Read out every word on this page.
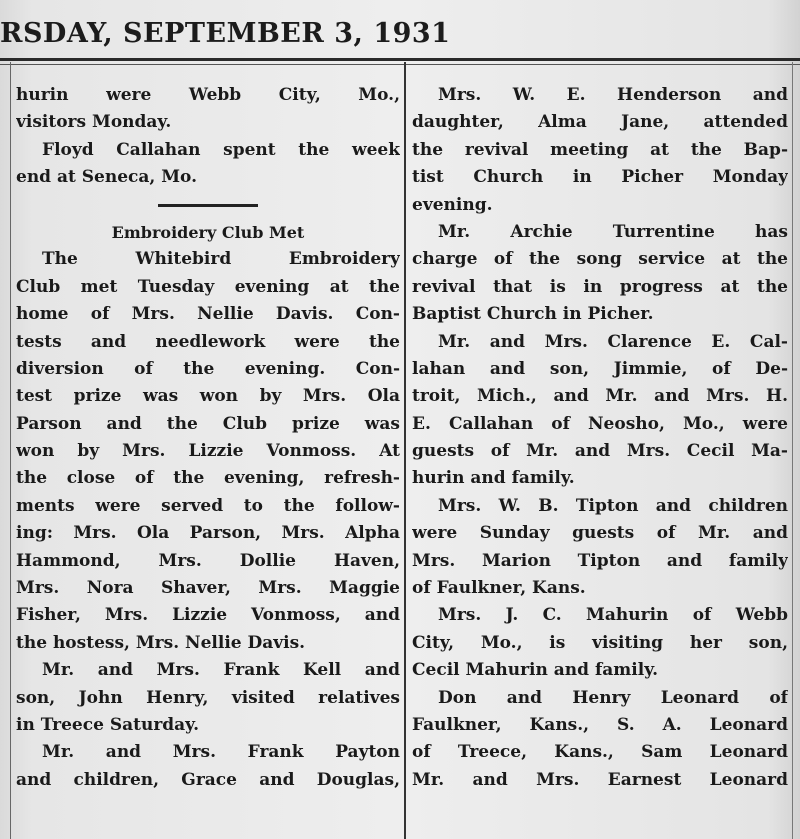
RSDAY, SEPTEMBER 3, 1931
hurin were Webb City, Mo.,
visitors Monday.
Floyd Callahan spent the week
end at Seneca, Mo.
Embroidery Club Met
The Whitebird Embroidery
Club met Tuesday evening at the
home of Mrs. Nellie Davis. Con-
tests and needlework were the
diversion of the evening. Con-
test prize was won by Mrs. Ola
Parson and the Club prize was
won by Mrs. Lizzie Vonmoss. At
the close of the evening, refresh-
ments were served to the follow-
ing: Mrs. Ola Parson, Mrs. Alpha
Hammond, Mrs. Dollie Haven,
Mrs. Nora Shaver, Mrs. Maggie
Fisher, Mrs. Lizzie Vonmoss, and
the hostess, Mrs. Nellie Davis.
Mr. and Mrs. Frank Kell and
son, John Henry, visited relatives
in Treece Saturday.
Mr. and Mrs. Frank Payton
and children, Grace and Douglas,
Mrs. W. E. Henderson and
daughter, Alma Jane, attended
the revival meeting at the Bap-
tist Church in Picher Monday
evening.
Mr. Archie Turrentine has
charge of the song service at the
revival that is in progress at the
Baptist Church in Picher.
Mr. and Mrs. Clarence E. Cal-
lahan and son, Jimmie, of De-
troit, Mich., and Mr. and Mrs. H.
E. Callahan of Neosho, Mo., were
guests of Mr. and Mrs. Cecil Ma-
hurin and family.
Mrs. W. B. Tipton and children
were Sunday guests of Mr. and
Mrs. Marion Tipton and family
of Faulkner, Kans.
Mrs. J. C. Mahurin of Webb
City, Mo., is visiting her son,
Cecil Mahurin and family.
Don and Henry Leonard of
Faulkner, Kans., S. A. Leonard
of Treece, Kans., Sam Leonard
Mr. and Mrs. Earnest Leonard
